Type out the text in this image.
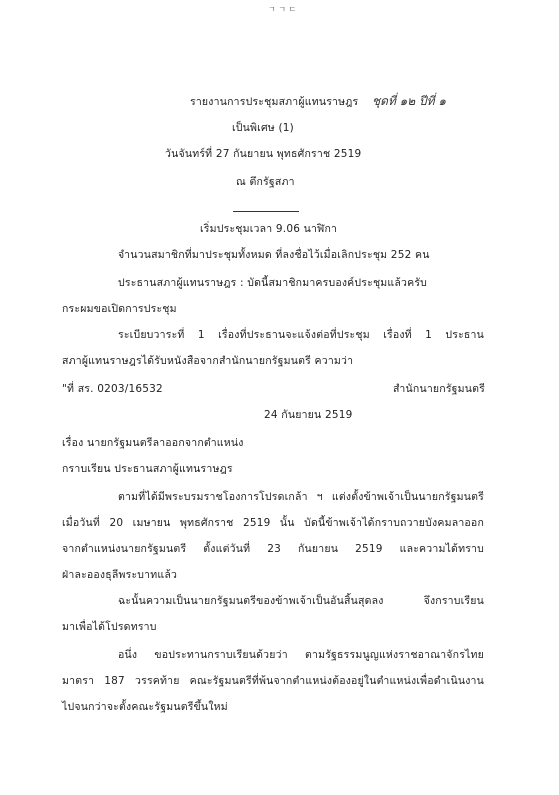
ㄱ ㄱ ㄷ
รายงานการประชุมสภาผู้แทนราษฎร ชุดที่ ๑๒ ปีที่ ๑
เป็นพิเศษ (1)
วันจันทร์ที่ 27 กันยายน พุทธศักราช 2519
ณ ตึกรัฐสภา
เริ่มประชุมเวลา 9.06 นาฬิกา
จำนวนสมาชิกที่มาประชุมทั้งหมด ที่ลงชื่อไว้เมื่อเลิกประชุม 252 คน
ประธานสภาผู้แทนราษฎร : บัดนี้สมาชิกมาครบองค์ประชุมแล้วครับ
กระผมขอเปิดการประชุม
ระเบียบวาระที่ 1 เรื่องที่ประธานจะแจ้งต่อที่ประชุม เรื่องที่ 1 ประธาน
สภาผู้แทนราษฎรได้รับหนังสือจากสำนักนายกรัฐมนตรี ความว่า
"ที่ สร. 0203/16532	สำนักนายกรัฐมนตรี
24 กันยายน 2519
เรื่อง นายกรัฐมนตรีลาออกจากตำแหน่ง
กราบเรียน ประธานสภาผู้แทนราษฎร
ตามที่ได้มีพระบรมราชโองการโปรดเกล้า ฯ แต่งตั้งข้าพเจ้าเป็นนายกรัฐมนตรี
เมื่อวันที่ 20 เมษายน พุทธศักราช 2519 นั้น บัดนี้ข้าพเจ้าได้กราบถวายบังคมลาออก
จากตำแหน่งนายกรัฐมนตรี ตั้งแต่วันที่ 23 กันยายน 2519 และความได้ทราบ
ฝ่าละอองธุลีพระบาทแล้ว
ฉะนั้นความเป็นนายกรัฐมนตรีของข้าพเจ้าเป็นอันสิ้นสุดลง จึงกราบเรียน
มาเพื่อได้โปรดทราบ
อนึ่ง ขอประทานกราบเรียนด้วยว่า ตามรัฐธรรมนูญแห่งราชอาณาจักรไทย
มาตรา 187 วรรคท้าย คณะรัฐมนตรีที่พ้นจากตำแหน่งต้องอยู่ในตำแหน่งเพื่อดำเนินงาน
ไปจนกว่าจะตั้งคณะรัฐมนตรีขึ้นใหม่
